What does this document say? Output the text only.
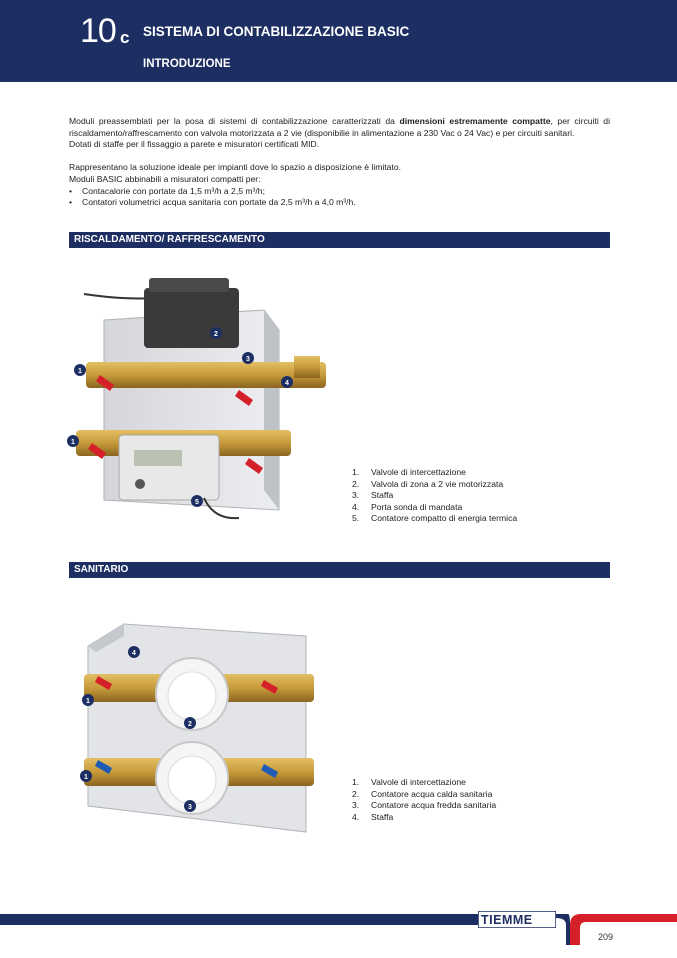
10 c SISTEMA DI CONTABILIZZAZIONE BASIC
INTRODUZIONE

Moduli preassemblati per la posa di sistemi di contabilizzazione caratterizzati da dimensioni estremamente compatte, per circuiti di riscaldamento/raffrescamento con valvola motorizzata a 2 vie (disponibilie in alimentazione a 230 Vac o 24 Vac) e per circuiti sanitari.

Dotati di staffe per il fissaggio a parete e misuratori certificati MID.

Rappresentano la soluzione ideale per impianti dove lo spazio a disposizione è limitato.

Moduli BASIC abbinabili a misuratori compatti per:

• Contacalorie con portate da 1,5 m³/h a 2,5 m³/h;
• Contatori volumetrici acqua sanitaria con portate da 2,5 m³/h a 4,0 m³/h.
RISCALDAMENTO/ RAFFRESCAMENTO
1
2
3
4
1
5
1.	Valvole di intercettazione
2.	Valvola di zona a 2 vie motorizzata
3.	Staffa
4.	Porta sonda di mandata
5.	Contatore compatto di energia termica
SANITARIO
4
1
2
1
3
1.	Valvole di intercettazione
2.	Contatore acqua calda sanitaria
3.	Contatore acqua fredda sanitaria
4.	Staffa
TIEMME
209
